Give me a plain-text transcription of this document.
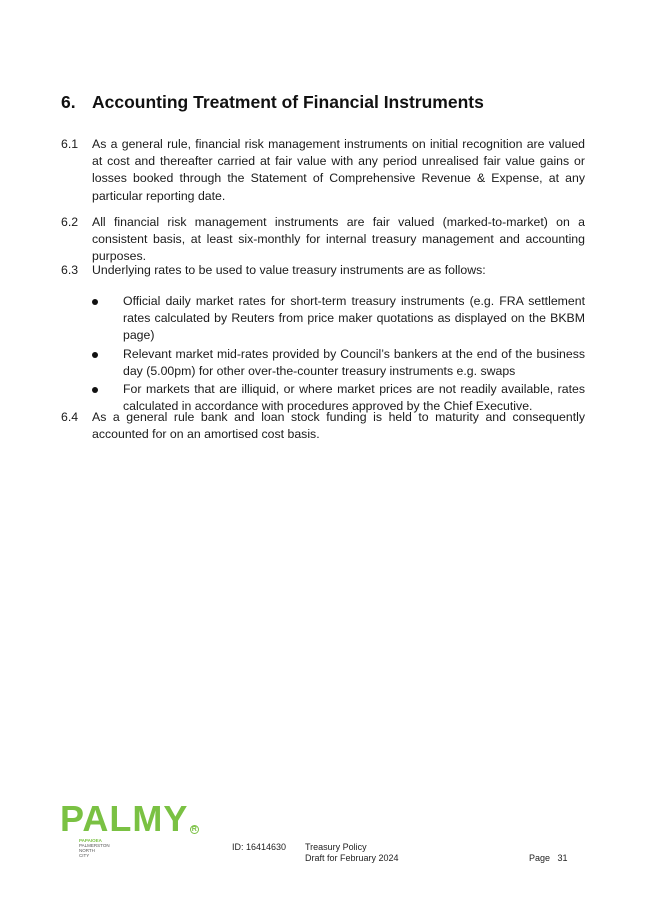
6. Accounting Treatment of Financial Instruments
6.1 As a general rule, financial risk management instruments on initial recognition are valued at cost and thereafter carried at fair value with any period unrealised fair value gains or losses booked through the Statement of Comprehensive Revenue & Expense, at any particular reporting date.

6.2 All financial risk management instruments are fair valued (marked-to-market) on a consistent basis, at least six-monthly for internal treasury management and accounting purposes.

6.3 Underlying rates to be used to value treasury instruments are as follows:

Official daily market rates for short-term treasury instruments (e.g. FRA settlement rates calculated by Reuters from price maker quotations as displayed on the BKBM page)
Relevant market mid-rates provided by Council’s bankers at the end of the business day (5.00pm) for other over-the-counter treasury instruments e.g. swaps
For markets that are illiquid, or where market prices are not readily available, rates calculated in accordance with procedures approved by the Chief Executive.
6.4 As a general rule bank and loan stock funding is held to maturity and consequently accounted for on an amortised cost basis.

PALMY R
PAPAIOEA
PALMERSTON
NORTH
CITY
ID: 16414630 Treasury Policy
Draft for February 2024	Page   31
